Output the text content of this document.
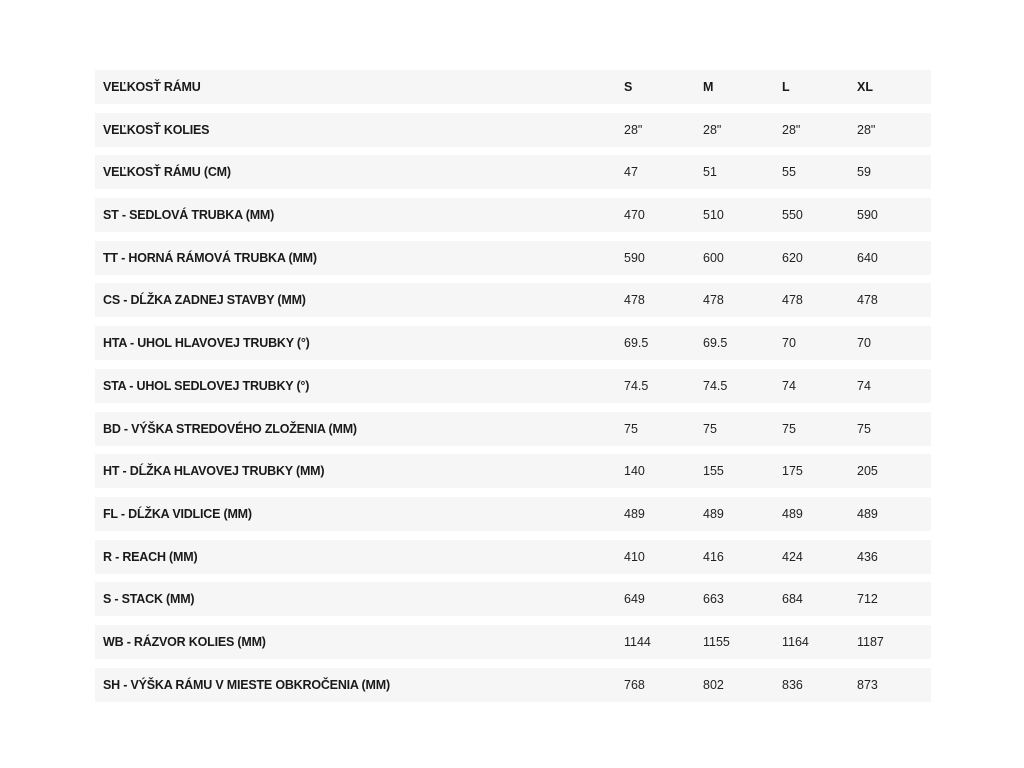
VEĽKOSŤ RÁMU	S	M	L	XL
VEĽKOSŤ KOLIES	28"	28"	28"	28"
VEĽKOSŤ RÁMU (CM)	47	51	55	59
ST - SEDLOVÁ TRUBKA (MM)	470	510	550	590
TT - HORNÁ RÁMOVÁ TRUBKA (MM)	590	600	620	640
CS - DĹŽKA ZADNEJ STAVBY (MM)	478	478	478	478
HTA - UHOL HLAVOVEJ TRUBKY (°)	69.5	69.5	70	70
STA - UHOL SEDLOVEJ TRUBKY (°)	74.5	74.5	74	74
BD - VÝŠKA STREDOVÉHO ZLOŽENIA (MM)	75	75	75	75
HT - DĹŽKA HLAVOVEJ TRUBKY (MM)	140	155	175	205
FL - DĹŽKA VIDLICE (MM)	489	489	489	489
R - REACH (MM)	410	416	424	436
S - STACK (MM)	649	663	684	712
WB - RÁZVOR KOLIES (MM)	1144	1155	1164	1187
SH - VÝŠKA RÁMU V MIESTE OBKROČENIA (MM)	768	802	836	873
